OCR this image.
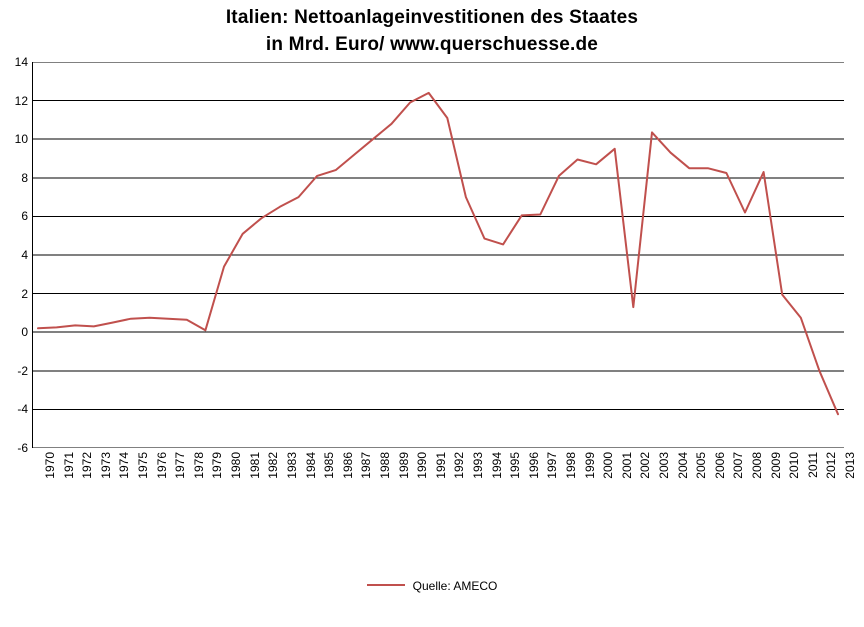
Italien: Nettoanlageinvestitionen des Staates
in Mrd. Euro/ www.querschuesse.de
14
12
10
8
6
4
2
0
-2
-4
-6
1970 1971 1972 1973 1974 1975 1976 1977 1978 1979 1980 1981 1982 1983 1984 1985 1986 1987 1988 1989 1990 1991 1992 1993 1994 1995 1996 1997 1998 1999 2000 2001 2002 2003 2004 2005 2006 2007 2008 2009 2010 2011 2012 2013
Quelle: AMECO
